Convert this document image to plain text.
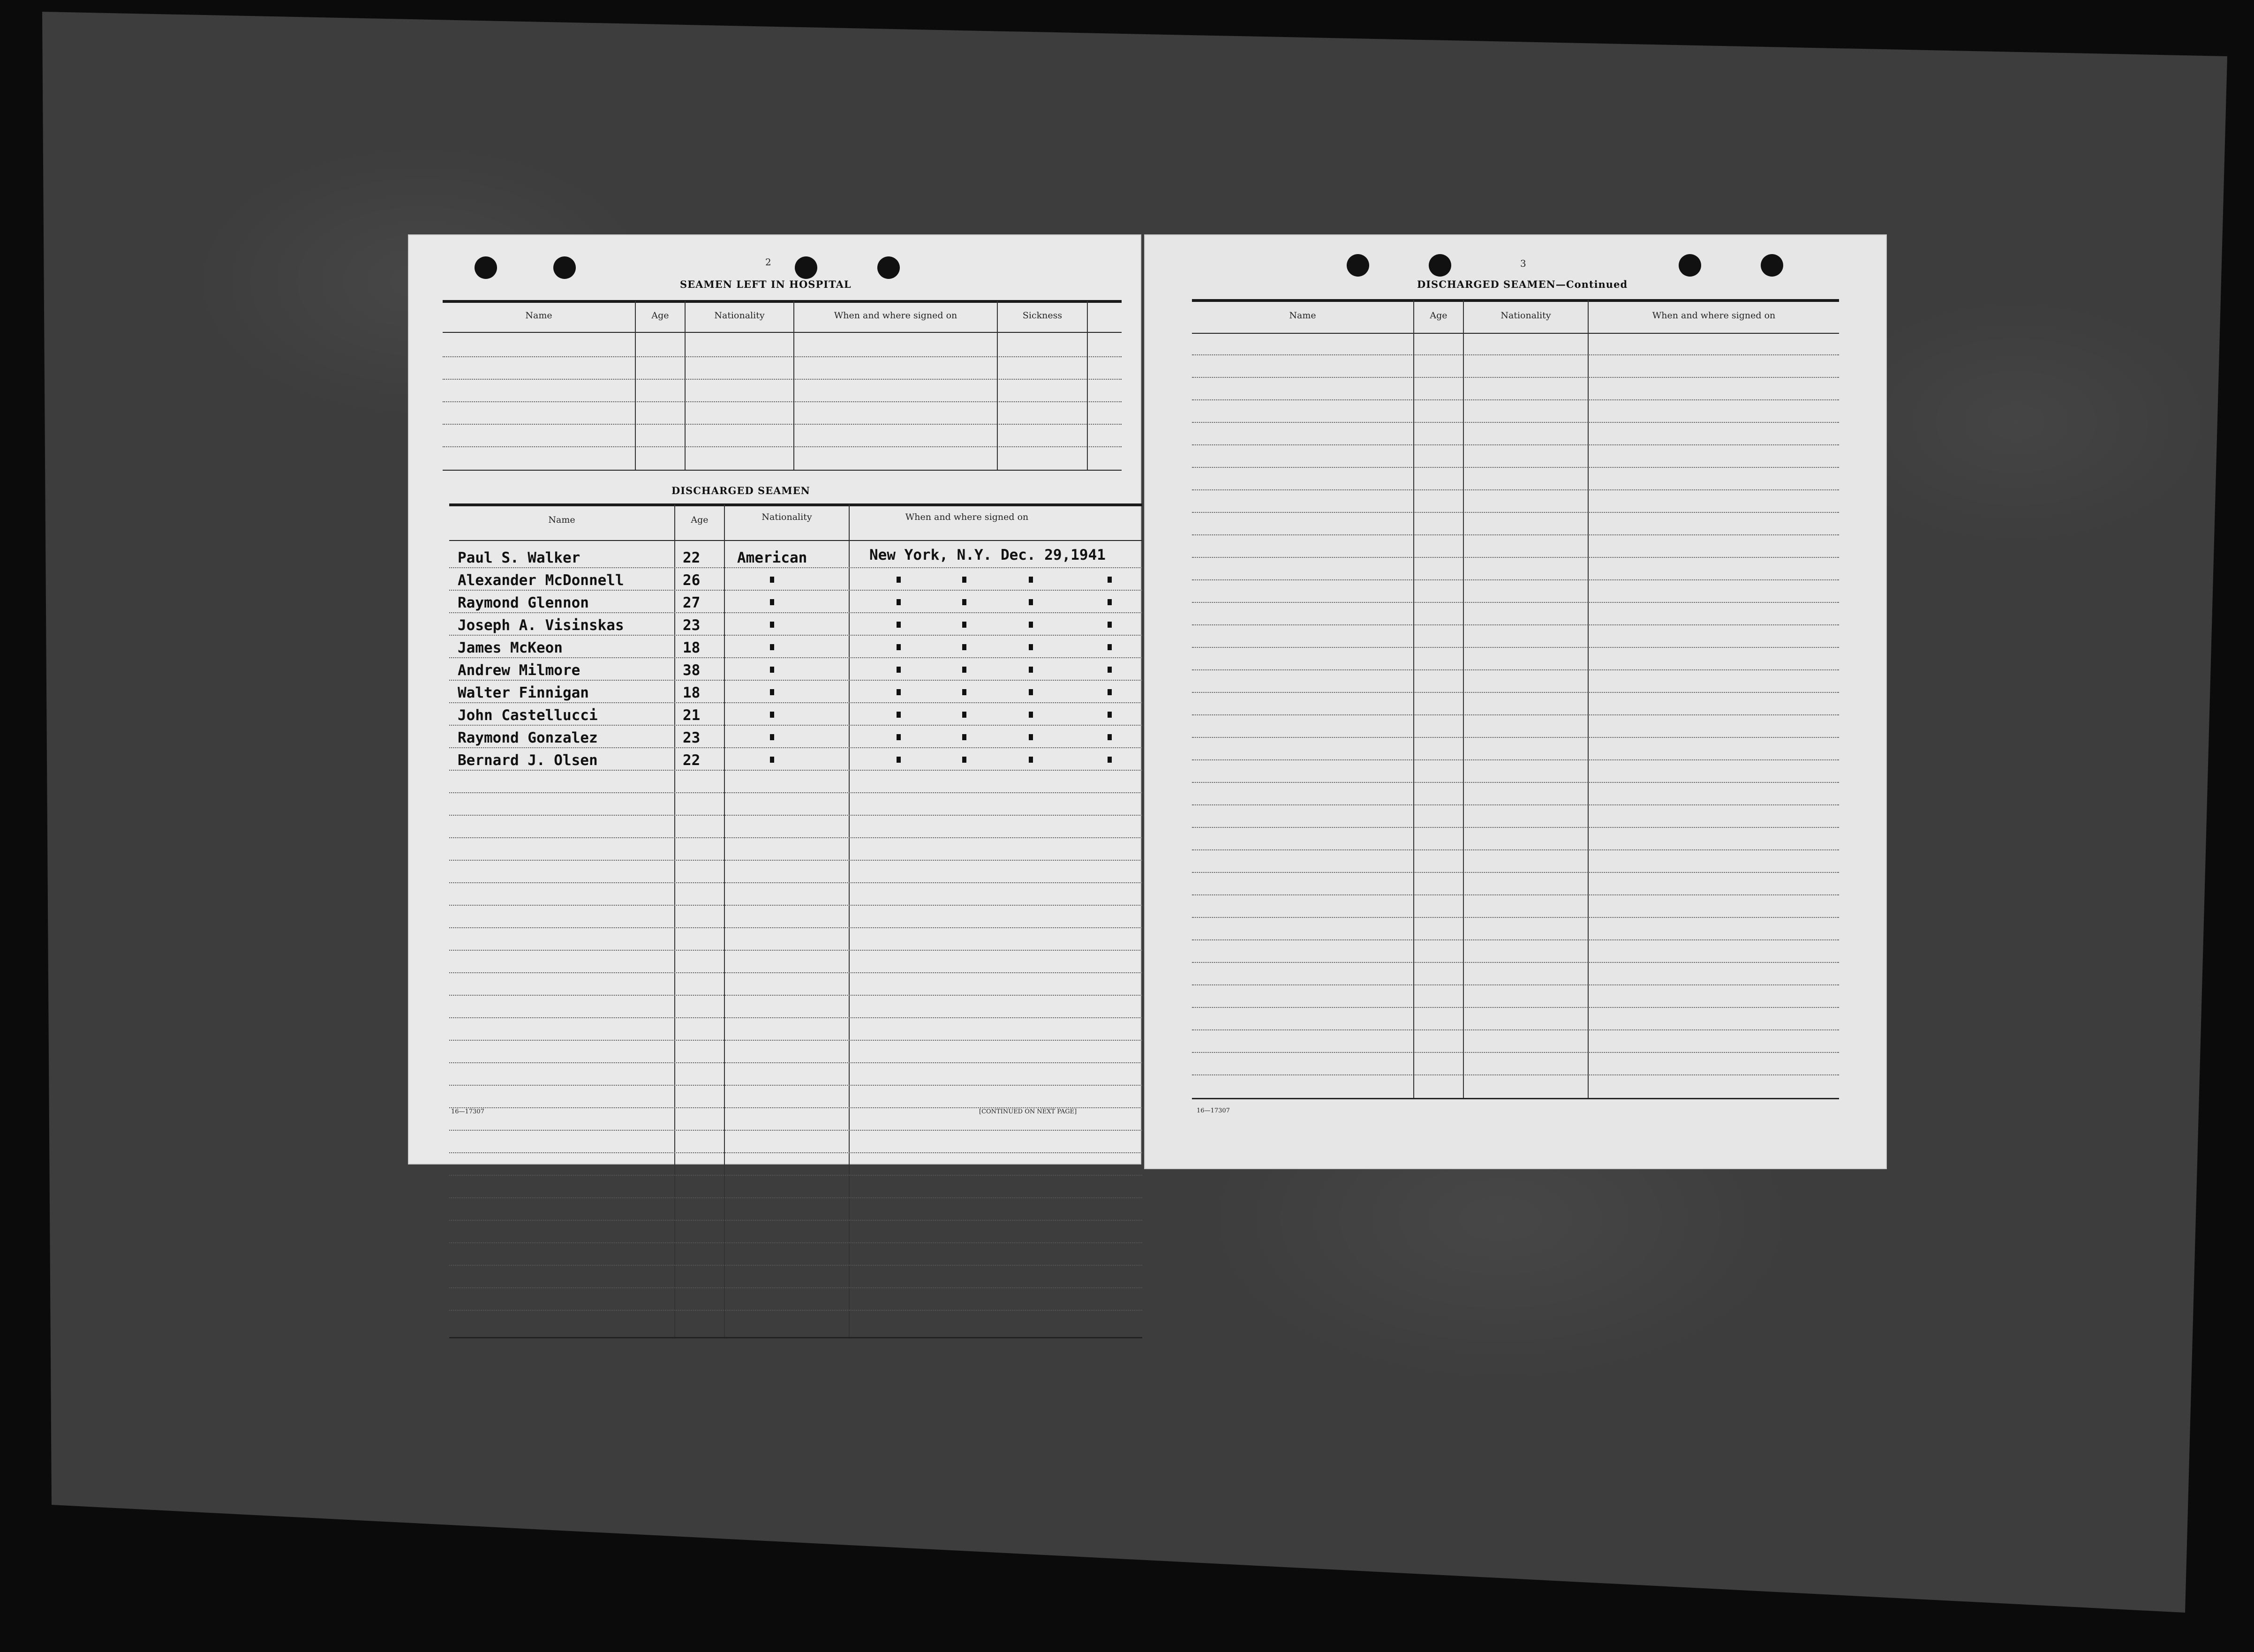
2
SEAMEN LEFT IN HOSPITAL
Name	Age	Nationality	When and where signed on	Sickness
DISCHARGED SEAMEN
Name	Age	Nationality	When and where signed on
Paul S. Walker	22	American	New York, N.Y. Dec. 29,1941
Alexander McDonnell	26
Raymond Glennon	27
Joseph A. Visinskas	23
James McKeon	18
Andrew Milmore	38
Walter Finnigan	18
John Castellucci	21
Raymond Gonzalez	23
Bernard J. Olsen	22
16—17307	[CONTINUED ON NEXT PAGE]
3
DISCHARGED SEAMEN—Continued
Name	Age	Nationality	When and where signed on
16—17307
